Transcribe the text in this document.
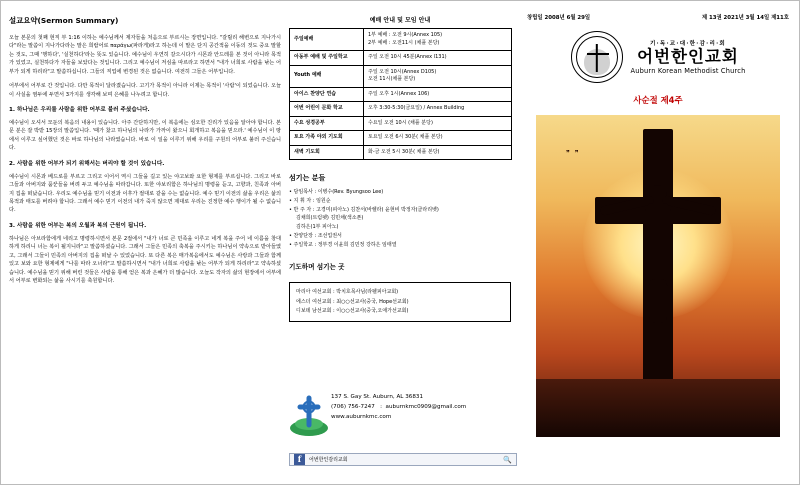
설교요약(Sermon Summary)

오늘 본문의 첫째 현직 부 1:16 이하는 예수님께서 제자들을 처음으로 부르시는 장면입니다. "갈릴리 해변으로 지나가시다"라는 말씀이 지나가다라는 말은 희랍어로 παράγω(파라게)라고 하는데 이 말은 단지 공간적을 이동의 것도 중요 말할는 것도, 그때 '행하다', '실천하다'라는 뜻도 있습니다. 예수님이 우연히 갈으시다가 시몬과 안드레를 본 것이 아니라 목적가 있었고, 실천하다가 자들을 보았다는 것입니다. 그리고 예수님이 저심을 따르라고 하면서 "내가 너희로 사람을 낚는 어부가 되게 하리라"고 말씀하십니다. 그들의 직업에 변경된 것은 없습니다. 여전히 그들은 어부입니다.

어부에서 어부로 간 것입니다. 다만 목적이 달라졌습니다. 고기가 목적이 아니라 이제는 목적이 '사람'이 되었습니다. 오늘 이 사실을 염두에 두면서 3가지를 생각해 보며 은혜를 나누려고 합니다.

1. 하나님은 우리를 사람을 위한 어부로 불러 주셨습니다.

예수님이 오셔서 모둔의 복음의 내용이 있습니다. 아주 간단하지만, 이 복음에는 심오한 진리가 있음을 알아야 합니다. 본문 분은 잘 박받 15장의 말씀입니다. '때가 찼고 하나님의 나라가 가까이 왔으니 회개하고 복음을 믿으라.' 예수님이 이 땅에서 이루고 싶어했던 것은 바로 하나님의 나라였습니다. 바로 이 일을 이루기 위해 우리를 구원의 어부로 불러 주신습니다.

2. 사람을 위한 어부가 되기 위해서는 버리야 할 것이 있습니다.

예수님이 시몬과 베드로를 부르고 그리고 이어서 역시 그들을 길고 있는 야고보와 요한 형제를 부르십니다. 그리고 바로 그들과 아버지와 품꾼들을 버려 두고 예수님을 따라갑니다. 또한 야보리함은 하나님의 명령을 듣고, 고향과, 친족과 아버지 집을 떠났습니다. 우리도 예수님을 믿기 이전과 이후가 절대로 같을 수는 없습니다. 예수 믿기 이전의 삶을 우리은 삶의 목적과 태도를 버려야 합니다. 그래서 예수 믿기 이전의 내가 죽지 않으면 제대로 우리는 진정한 예수 행이가 될 수 없습니다.

3. 사람을 위한 어부는 복의 오월과 복의 근원이 됩니다.

하나님은 아브라함에게 네리고 명령하시면서 본문 2절에서 "내가 너로 큰 민족을 이루고 네게 복을 주어 네 이름을 창대하게 하리니 너는 복이 될지니라"고 말씀하셨습니다. 그래서 그들은 민족의 축복을 주시키는 하나님이 약속으로 받아들였고, 그래서 그들이 민족의 아버지의 집을 떠날 수 있었습니다. 또 다른 복은 매가복음에서도 예수님은 사랑과 그들과 함께 있고 보와 요한 형제에게 "나를 따라 오너라"고 말씀하시면서 "내가 너희로 사람을 낚는 어부가 되게 하리라"고 약속하셨습니다. 예수님을 믿기 위해 버린 것들은 사람을 통해 얻은 복과 은혜가 더 많습니다. 오늘도 작자의 삶의 현장에서 어부에서 어부로 변화되는 삶을 사시기를 축원합니다.

예배 안내 및 모임 안내
주일예배	1부 예배 : 오전 9시(Annex 105)
2부 예배 : 오전11시 (채플 본당)

아동부 예배 및 주일학교	주일 오전 10시 45분(Annex l131)
Youth 예배	주일 오전 10시(Annex D105)
오전 11시(채플 본당)

아이스 찬양단 연습	주일 오후 1시(Annex 106)
어번 어린이 문화 학교	오후 3:30-5:30(금요일) / Annex Building
수요 성경공부	수요일 오전 10시 (채플 분당)
토요 가족 야외 기도회	토요일 오전 6시 30분( 채플 본당)
새벽 기도회	화-금 오전 5시 30분( 채플 본당)
섬기는 분들
• 담임목사 : 이병수(Rev. Byungsoo Lee)
• 지 휘 자 : 임원순
• 반 주 자 : 고경미(피아노) 김찬서(바렐라) 윤현비 박정자(클라리벳)
김채희(트럼펫) 김민채(색소폰)
김하은(1부 피아노)
• 찬양단장 : 조선업권서
• 주일학교 : 정부경 이윤희 김민정 강하은 임태열
기도하며 섬기는 곳
마리아 여선교회 : 박치호목사님(라펠피아교회)
에스더 여선교회 : 최○○선교사(중국, Hope선교회)
디보데 남선교회 : 이○○선교사(중국,오애가선교회)
137 S. Gay St. Auburn, AL 36831
(706) 756-7247   :  auburnkmc0909@gmail.com
www.auburnkmc.com
f	어번한인감리교회	🔍
창립일 2008년 6월 29일	제 13권 2021년 3월 14일 제11호
기·독·교·대·한·감·리·회
어번한인교회
Auburn Korean Methodist Church
사순절 제4주
❞❞
